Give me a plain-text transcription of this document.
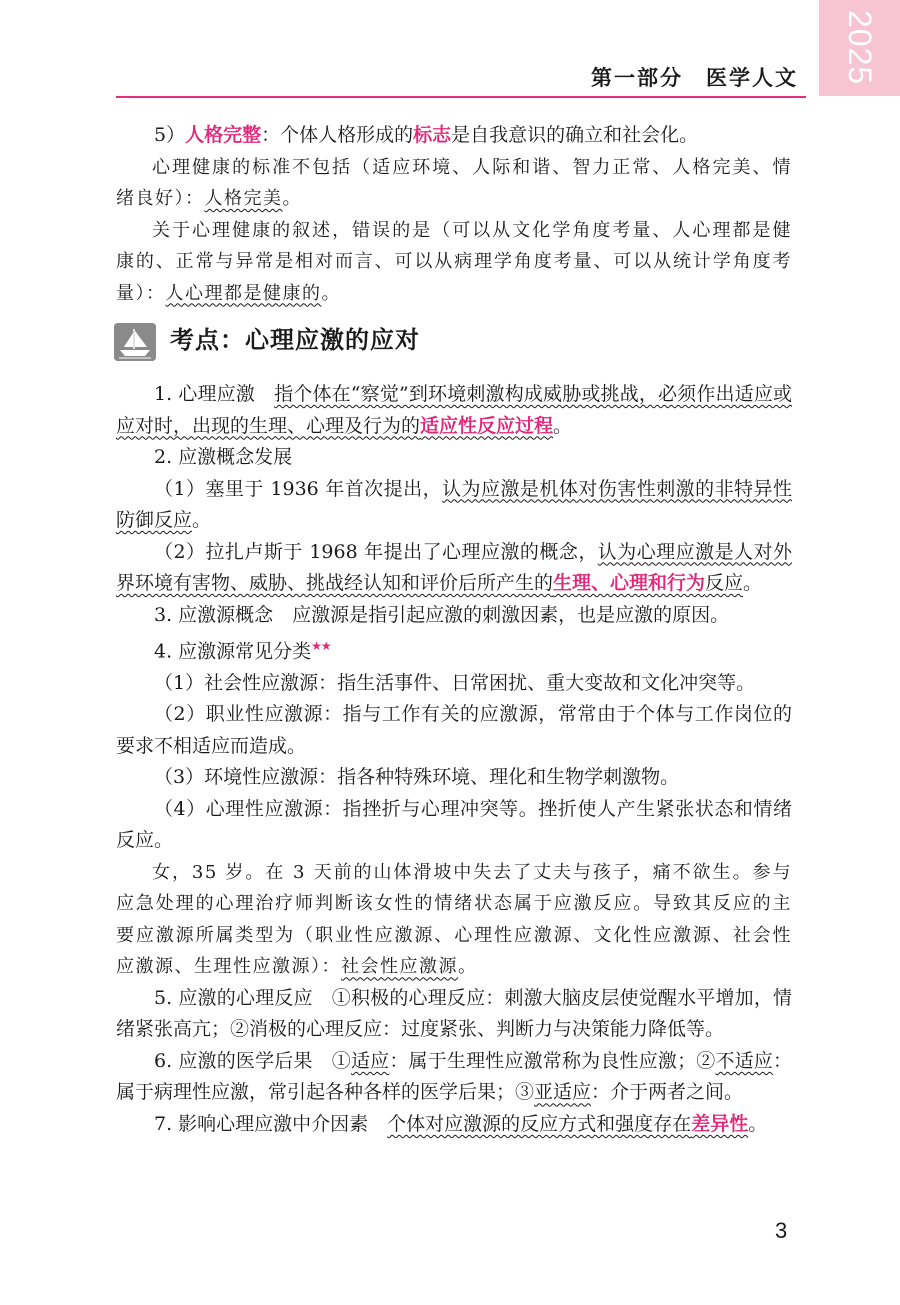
2025
第一部分　医学人文

5）人格完整：个体人格形成的标志是自我意识的确立和社会化。

心理健康的标准不包括（适应环境、人际和谐、智力正常、人格完美、情绪良好）：人格完美。

关于心理健康的叙述，错误的是（可以从文化学角度考量、人心理都是健康的、正常与异常是相对而言、可以从病理学角度考量、可以从统计学角度考量）：人心理都是健康的。

考点：心理应激的应对

1. 心理应激　指个体在“察觉”到环境刺激构成威胁或挑战，必须作出适应或应对时，出现的生理、心理及行为的适应性反应过程。

2. 应激概念发展

（1）塞里于 1936 年首次提出，认为应激是机体对伤害性刺激的非特异性防御反应。

（2）拉扎卢斯于 1968 年提出了心理应激的概念，认为心理应激是人对外界环境有害物、威胁、挑战经认知和评价后所产生的生理、心理和行为反应。

3. 应激源概念　应激源是指引起应激的刺激因素，也是应激的原因。

4. 应激源常见分类★★

（1）社会性应激源：指生活事件、日常困扰、重大变故和文化冲突等。

（2）职业性应激源：指与工作有关的应激源，常常由于个体与工作岗位的要求不相适应而造成。

（3）环境性应激源：指各种特殊环境、理化和生物学刺激物。

（4）心理性应激源：指挫折与心理冲突等。挫折使人产生紧张状态和情绪反应。

女，35 岁。在 3 天前的山体滑坡中失去了丈夫与孩子，痛不欲生。参与应急处理的心理治疗师判断该女性的情绪状态属于应激反应。导致其反应的主要应激源所属类型为（职业性应激源、心理性应激源、文化性应激源、社会性应激源、生理性应激源）：社会性应激源。

5. 应激的心理反应　①积极的心理反应：刺激大脑皮层使觉醒水平增加，情绪紧张高亢；②消极的心理反应：过度紧张、判断力与决策能力降低等。

6. 应激的医学后果　①适应：属于生理性应激常称为良性应激；②不适应：属于病理性应激，常引起各种各样的医学后果；③亚适应：介于两者之间。

7. 影响心理应激中介因素　个体对应激源的反应方式和强度存在差异性。

3
